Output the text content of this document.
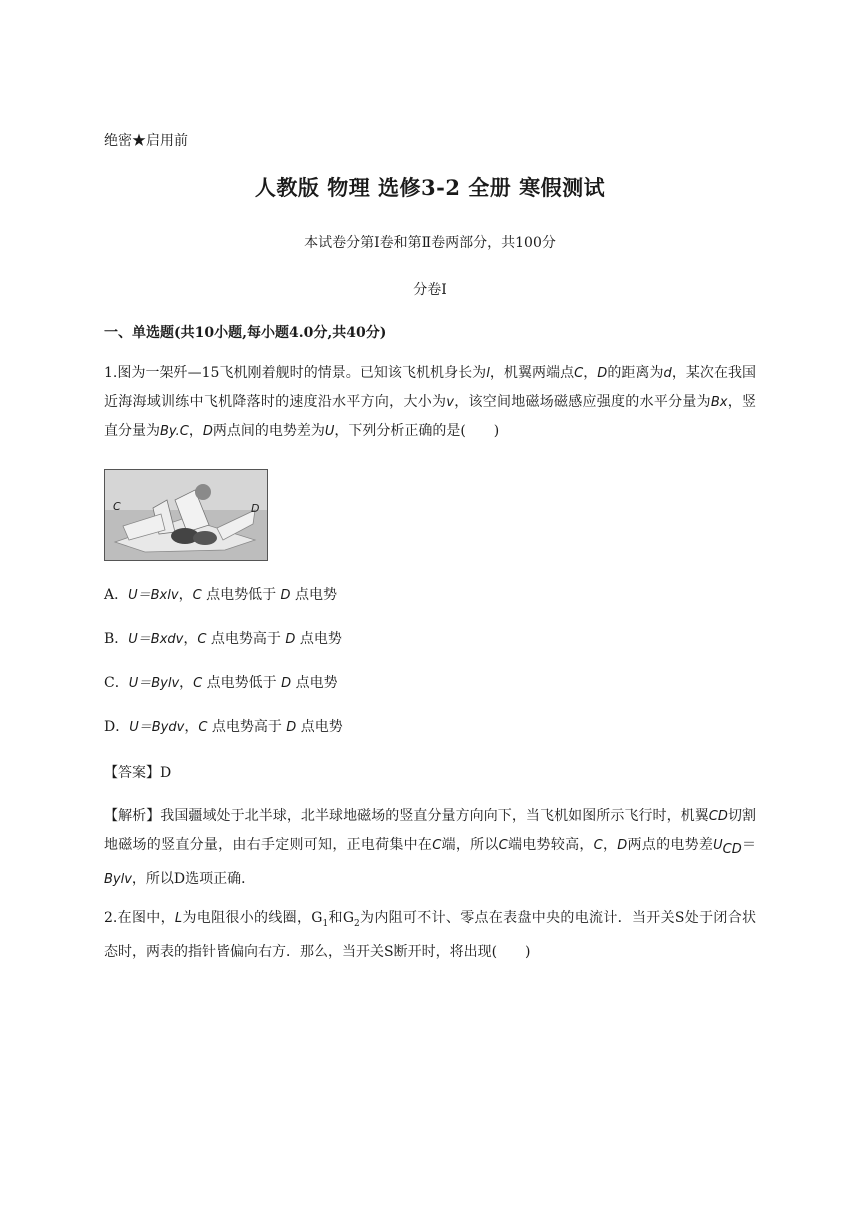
绝密★启用前
人教版 物理 选修3-2 全册 寒假测试
本试卷分第Ⅰ卷和第Ⅱ卷两部分，共100分
分卷I
一、单选题(共10小题,每小题4.0分,共40分)
1.图为一架歼—15飞机刚着舰时的情景。已知该飞机机身长为l，机翼两端点C，D的距离为d，某次在我国近海海域训练中飞机降落时的速度沿水平方向，大小为v，该空间地磁场磁感应强度的水平分量为Bx，竖直分量为By.C，D两点间的电势差为U，下列分析正确的是(　　)
C	D
A．U＝Bxlv，C 点电势低于 D 点电势
B．U＝Bxdv，C 点电势高于 D 点电势
C．U＝Bylv，C 点电势低于 D 点电势
D．U＝Bydv，C 点电势高于 D 点电势
【答案】D
【解析】我国疆域处于北半球，北半球地磁场的竖直分量方向向下，当飞机如图所示飞行时，机翼CD切割地磁场的竖直分量，由右手定则可知，正电荷集中在C端，所以C端电势较高，C，D两点的电势差$U_{CD}=Bylv$，所以D选项正确．
2.在图中，L为电阻很小的线圈，$G_1$和$G_2$为内阻可不计、零点在表盘中央的电流计．当开关S处于闭合状态时，两表的指针皆偏向右方．那么，当开关S断开时，将出现(　　)
